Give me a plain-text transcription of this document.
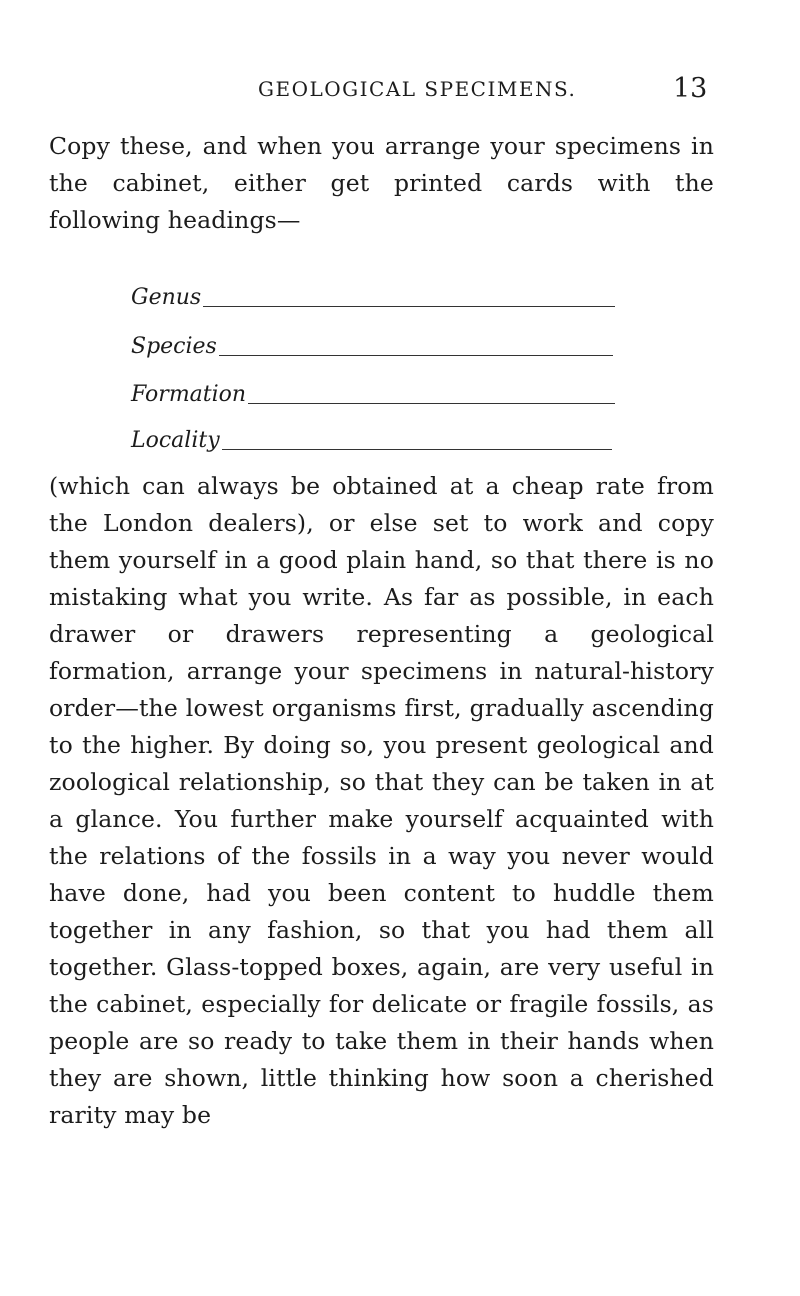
GEOLOGICAL SPECIMENS.	13

Copy these, and when you arrange your specimens in the cabinet, either get printed cards with the following headings—

Genus
Species
Formation
Locality

(which can always be obtained at a cheap rate from the London dealers), or else set to work and copy them yourself in a good plain hand, so that there is no mistaking what you write. As far as possible, in each drawer or drawers representing a geological formation, arrange your specimens in natural-history order—the lowest organisms first, gradually ascending to the higher. By doing so, you present geological and zoological relationship, so that they can be taken in at a glance. You further make yourself acquainted with the relations of the fossils in a way you never would have done, had you been content to huddle them together in any fashion, so that you had them all together. Glass-topped boxes, again, are very useful in the cabinet, especially for delicate or fragile fossils, as people are so ready to take them in their hands when they are shown, little thinking how soon a cherished rarity may be
